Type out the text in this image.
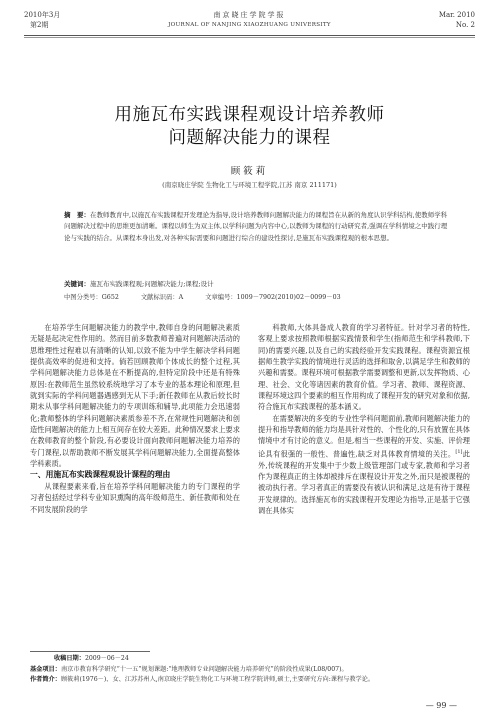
2010年3月
第2期
南京晓庄学院学报
JOURNAL OF NANJING XIAOZHUANG UNIVERSITY
Mar. 2010
No. 2
用施瓦布实践课程观设计培养教师
问题解决能力的课程
顾筱莉
(南京晓庄学院 生物化工与环境工程学院,江苏 南京 211171)
摘　要：在教师教育中,以施瓦布实践课程开发理论为指导,设计培养教师问题解决能力的课程旨在从新的角度认识学科结构,使教师学科问题解决过程中的思维更加清晰。课程以师生为双主体,以学科问题为内容中心,以教师为课程的行动研究者,强调在学科情境之中践行理论与实践的结合。从课程本身出发,对各种实际需要和问题进行综合的建设性探讨,是施瓦布实践课程观的根本思想。
关键词：施瓦布实践课程观;问题解决能力;课程;设计
中图分类号：G652	文献标识码：A	文章编号：1009－7902(2010)02－0099－03

在培养学生问题解决能力的教学中,教师自身的问题解决素质无疑是起决定性作用的。然而目前多数教师普遍对问题解决活动的思维理性过程难以有清晰的认知,以致不能为中学生解决学科问题提供高效率的促进和支持。倘若回顾教师个体成长的整个过程,其学科问题解决能力总体是在不断提高的,但特定阶段中还是有特殊原因:在教师范生虽然较系统地学习了本专业的基本理论和原理,但就到实际的学科问题器遇感到无从下手;新任教师在从教后较长时期未从事学科问题解决能力的专项训练和辅导,此项能力会迅速弱化;教师整体的学科问题解决素质参差不齐,在常规性问题解决和创造性问题解决的能力上相互间存在较大差距。此种情况要求上要求在教师教育的整个阶段,有必要设计面向教师问题解决能力培养的专门课程,以帮助教师不断发展其学科问题解决能力,全面提高整体学科素质。

一、用施瓦布实践课程观设计课程的理由

从课程要素来看,旨在培养学科问题解决能力的专门课程的学习者包括经过学科专业知识熏陶的高年级师范生、新任教师和处在不同发展阶段的学

科教师,大体具备成人教育的学习者特征。针对学习者的特性,客观上要求按照教师根据实践情景和学生(指师范生和学科教师,下同)的需要兴趣,以及自己的实践经验开发实践课程。课程资源宜根据师生教学实践的情境进行灵活的选择和取舍,以满足学生和教师的兴趣和需要。课程环境可根据教学需要调整和更新,以发挥物质、心理、社会、文化等诸因素的教育价值。学习者、教师、课程资源、课程环境这四个要素的相互作用构成了课程开发的研究对象和依据,符合施瓦布实践课程的基本涵义。

在需要解决的多变的专业性学科问题面前,教师问题解决能力的提升和指导教师的能力均是具针对性的、个性化的,只有放置在具体情境中才有讨论的意义。但是,相当一些课程的开发、实施、评价理论具有很强的一般性、普遍性,缺乏对具体教育情境的关注。[1]此外,传统课程的开发集中于少数上级管理部门或专家,教师和学习者作为课程真正的主体却被排斥在课程设计开发之外,而只是被课程的被动执行者。学习者真正的需要没有被认识和满足,这是有待于课程开发规律的。选择施瓦布的实践课程开发理论为指导,正是基于它强调在具体实

收稿日期：2009－06－24
基金项目：南京市教育科学研究“十一五”规划课题:“地理教师专业问题解决能力培养研究”的阶段性成果(L08/007)。
作者简介：顾筱莉(1976－)、女、江苏苏州人,南京晓庄学院生物化工与环境工程学院讲师,硕士,主要研究方向:课程与教学论。
— 99 —
